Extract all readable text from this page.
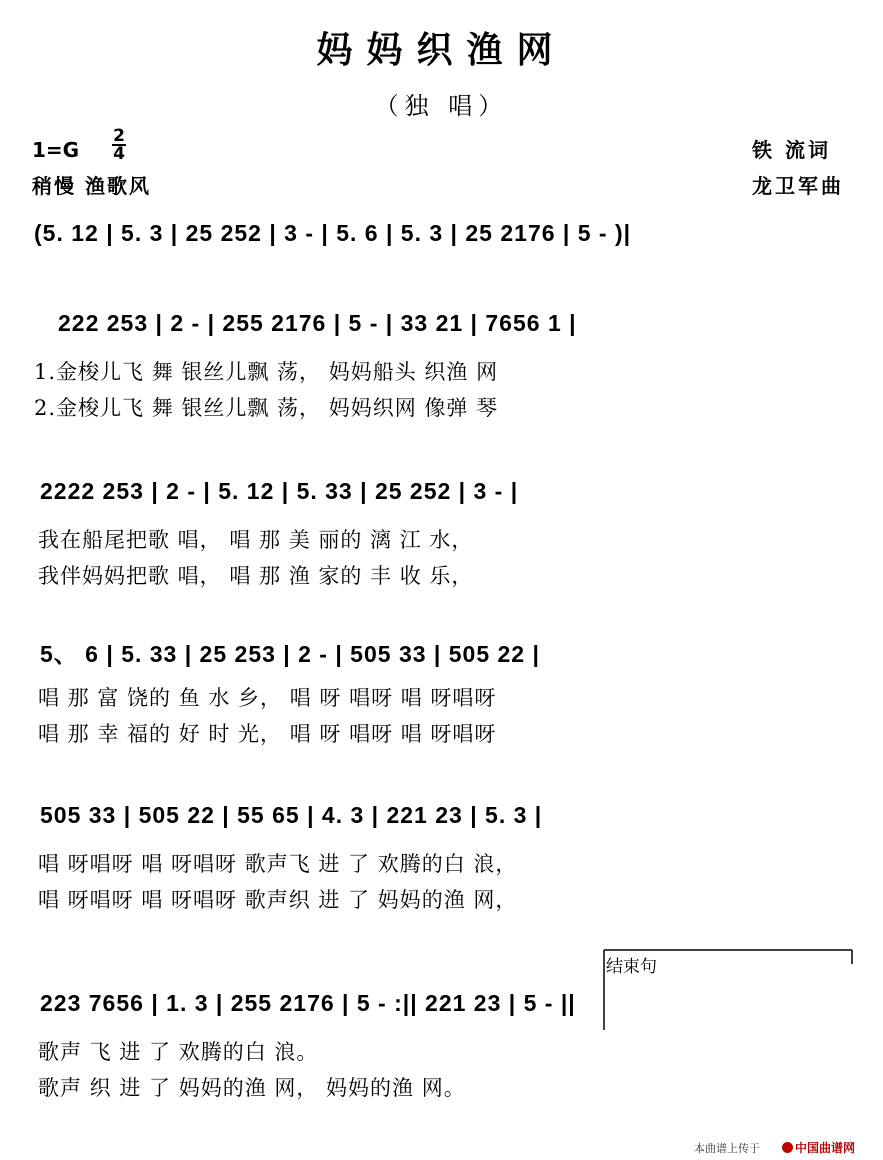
妈妈织渔网
（独 唱）
1=G
2
4
稍慢 渔歌风
铁 流词
龙卫军曲
(5. 12 | 5. 3 | 25 252 | 3 - | 5. 6 | 5. 3 | 25 2176 | 5 - )|
222 253 | 2 - | 255 2176 | 5 - | 33 21 | 7656 1 |
1.金梭儿飞 舞 银丝儿飘 荡， 妈妈船头 织渔 网
2.金梭儿飞 舞 银丝儿飘 荡， 妈妈织网 像弹 琴
2222 253 | 2 - | 5. 12 | 5. 33 | 25 252 | 3 - |
我在船尾把歌 唱， 唱 那 美 丽的 漓 江 水，
我伴妈妈把歌 唱， 唱 那 渔 家的 丰 收 乐，
5、 6 | 5. 33 | 25 253 | 2 - | 505 33 | 505 22 |
唱 那 富 饶的 鱼 水 乡， 唱 呀 唱呀 唱 呀唱呀
唱 那 幸 福的 好 时 光， 唱 呀 唱呀 唱 呀唱呀
505 33 | 505 22 | 55 65 | 4. 3 | 221 23 | 5. 3 |
唱 呀唱呀 唱 呀唱呀 歌声飞 进 了 欢腾的白 浪，
唱 呀唱呀 唱 呀唱呀 歌声织 进 了 妈妈的渔 网，
结束句
223 7656 | 1. 3 | 255 2176 | 5 - :|| 221 23 | 5 - ||
歌声 飞 进 了 欢腾的白 浪。
歌声 织 进 了 妈妈的渔 网， 妈妈的渔 网。
本曲谱上传于	中国曲谱网
